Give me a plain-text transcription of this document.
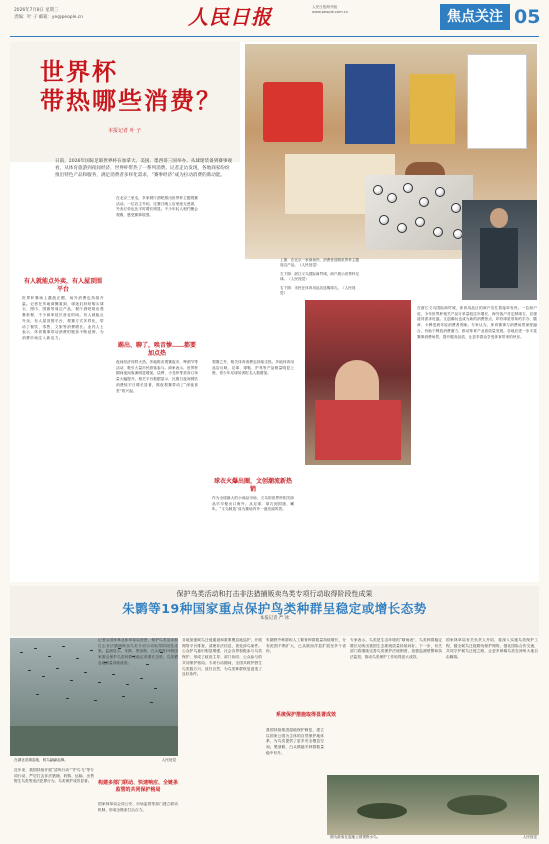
2026年7月8日 星期三
责编：叶 子 邮箱：ye@people.cn	人民日报	人民日报海外版
www.people.com.cn	焦点关注 05
世界杯
带热哪些消费？
本报记者 叶 子
上图：在北京一家商场内，消费者选购世界杯主题周边产品。（人民视觉）
左下图：浙江义乌国际商贸城，商户展示世界杯足球。（人民视觉）
右下图：市民在体育用品店选购球衣。（人民视觉）
日前，2026年国际足联世界杯在加拿大、美国、墨西哥三国举办。从球迷装备到赛事观看，从体育旅游到夜间经济，世界杯带热了一系列消费。记者走访发现，各地商家纷纷推出特色产品和服务，满足消费者多样化需求，“赛事经济”成为拉动消费的新动能。
有人就能点外卖，有人屋顶围平台
踢出、聊了，唤音惨……都要加点热
球衣火爆出圈，文创潮流新热销
世界杯赛场上激战正酣，场外消费也持续升温。记者在多地商圈看到，球迷们纷纷购买球衣、围巾、国旗等周边产品，餐厅酒吧推出观赛套餐，不少商家延长营业时间。有人就能点外卖，有人屋顶围平台，观赛方式多样化，带动了餐饮、零售、文旅等消费增长。业内人士表示，体育赛事带动消费的链条不断延伸，为消费市场注入新活力。
在北京三里屯，多家餐厅酒吧推出世界杯主题观赛活动。一位店主介绍，比赛日晚上店里座无虚席，外卖订单也比平时增长明显。不少年轻人相约聚会观赛，感受赛事氛围。
夜间经济同样火热。多地推出观赛夜市、啤酒节等活动，吸引大量市民游客参与。商家表示，世界杯期间夜间客流明显增加，烧烤、小龙虾等美食订单量大幅提升。相关平台数据显示，比赛日夜间餐饮消费较平日增长显著，熬夜观赛带动了“深夜食堂”的兴起。
观赛之外，相关体育消费也持续走热。多地体育用品店反映，足球、球鞋、护具等产品销量明显上涨，青少年足球培训报名人数增加。
作为全球最大的小商品市场，义乌的世界杯相关商品早早便出口海外。从足球、球衣到国旗、喇叭，“义乌制造”成为赛场内外一道亮丽风景。
在浙江义乌国际商贸城，体育用品区的商户们忙着接单发货。一位商户说，今年世界杯相关产品订单量较往年增长，海外客户对定制球衣、应援道具需求旺盛。文创潮玩也成为新的消费热点，印有球星形象的手办、徽章、卡牌受到年轻消费者青睐。专家认为，体育赛事与消费场景深度融合，有助于释放消费潜力，推动体育产业高质量发展。各地应进一步丰富赛事消费场景，提升服务品质，让更多群众享受体育带来的快乐。
保护鸟类活动和打击非法猎捕贩卖鸟类专项行动取得阶段性成果
朱鹮等19种国家重点保护鸟类种群呈稳定或增长态势
本报记者 严 冰
在湖北洪湖湿地，候鸟翩翩起舞。	人民视觉
近年来，我国持续开展“清风行动”“护鸟飞”等专项行动，严厉打击非法猎捕、收购、运输、出售野生鸟类等违法犯罪行为，鸟类保护成效显著。	构建多部门联动、快速响应、全链条监管的共同保护格局
国家林草局会同公安、市场监管等部门建立联动机制，形成全链条打击合力。
记者从国家林业和草原局获悉，保护鸟类活动和打击非法猎捕贩卖鸟类专项行动取得阶段性成果。监测显示，朱鹮、黑颈鹤、白头鹤等19种国家重点保护鸟类种群呈稳定或增长态势，鸟类栖息地质量持续改善。
各地加强候鸟迁徙通道和重要栖息地巡护，开展网络平台排查，清理非法信息，查处涉鸟案件。公众护鸟意识明显增强，社会各界积极参与鸟类保护，形成了政府主导、部门协同、公众参与的共同保护格局。专项行动期间，全国共救护野生鸟类数万只，放归自然，为鸟类种群恢复创造了良好条件。
朱鹮野外种群和人工繁育种群数量持续增长，分布范围不断扩大，已从陕西洋县扩展至多个省份。
系统保护措施取得显著成效
我国持续推进湿地保护修复，建立以国家公园为主体的自然保护地体系，为鸟类提供了更多安全栖息空间。黑颈鹤、白头鹤越冬种群数量稳中有升。
专家表示，鸟类是生态环境的“晴雨表”，鸟类种群稳定增长反映出我国生态系统质量持续向好。下一步，有关部门将继续完善鸟类保护法规制度，加强监测预警和执法监管，推动鸟类保护工作取得更大成效。
国家林草局有关负责人介绍，将深入实施鸟类保护工程，健全候鸟迁徙路线保护网络，强化国际合作交流，共同守护候鸟迁徙之路，让更多珍稀鸟类在神州大地自由翱翔。
图为游客在湿地公园观察水鸟。	人民视觉
